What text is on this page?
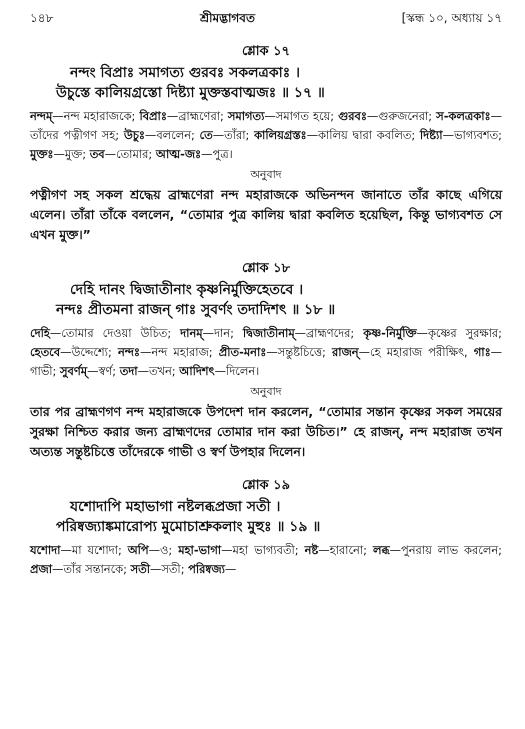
১৪৮	শ্রীমদ্ভাগবত	[স্কন্ধ ১০, অধ্যায় ১৭
শ্লোক ১৭
নন্দং বিপ্রাঃ সমাগত্য গুরবঃ সকলত্রকাঃ ।
উচুস্তে কালিয়গ্রস্তো দিষ্ট্যা মুক্তস্তবাত্মজঃ ॥ ১৭ ॥
নন্দম্—নন্দ মহারাজকে; বিপ্রাঃ—ব্রাহ্মণেরা; সমাগত্য—সমাগত হয়ে; গুরবঃ—গুরুজনেরা; স-কলত্রকাঃ—তাঁদের পত্নীগণ সহ; উচুঃ—বললেন; তে—তাঁরা; কালিয়গ্রস্তঃ—কালিয় দ্বারা কবলিত; দিষ্ট্যা—ভাগ্যবশত; মুক্তঃ—মুক্ত; তব—তোমার; আত্ম-জঃ—পুত্র।
অনুবাদ
পত্নীগণ সহ সকল শ্রদ্ধেয় ব্রাহ্মণেরা নন্দ মহারাজকে অভিনন্দন জানাতে তাঁর কাছে এগিয়ে এলেন। তাঁরা তাঁকে বললেন, “তোমার পুত্র কালিয় দ্বারা কবলিত হয়েছিল, কিন্তু ভাগ্যবশত সে এখন মুক্ত।”
শ্লোক ১৮
দেহি দানং দ্বিজাতীনাং কৃষ্ণনির্মুক্তিহেতবে ।
নন্দঃ প্রীতমনা রাজন্ গাঃ সুবর্ণং তদাদিশৎ ॥ ১৮ ॥
দেহি—তোমার দেওয়া উচিত; দানম্—দান; দ্বিজাতীনাম্—ব্রাহ্মণদের; কৃষ্ণ-নির্মুক্তি—কৃষ্ণের সুরক্ষার; হেতবে—উদ্দেশ্যে; নন্দঃ—নন্দ মহারাজ; প্রীত-মনাঃ—সন্তুষ্টচিত্তে; রাজন্—হে মহারাজ পরীক্ষিৎ, গাঃ—গাভী; সুবর্ণম্—স্বর্ণ; তদা—তখন; আদিশৎ—দিলেন।
অনুবাদ
তার পর ব্রাহ্মণগণ নন্দ মহারাজকে উপদেশ দান করলেন, “তোমার সন্তান কৃষ্ণের সকল সময়ের সুরক্ষা নিশ্চিত করার জন্য ব্রাহ্মণদের তোমার দান করা উচিত।” হে রাজন্, নন্দ মহারাজ তখন অত্যন্ত সন্তুষ্টচিত্তে তাঁদেরকে গাভী ও স্বর্ণ উপহার দিলেন।
শ্লোক ১৯
যশোদাপি মহাভাগা নষ্টলব্ধপ্রজা সতী ।
পরিষ্বজ্যাঙ্কমারোপ্য মুমোচাশ্রুকলাং মুহুঃ ॥ ১৯ ॥
যশোদা—মা যশোদা; অপি—ও; মহা-ভাগা—মহা ভাগ্যবতী; নষ্ট—হারানো; লব্ধ—পুনরায় লাভ করলেন; প্রজা—তাঁর সন্তানকে; সতী—সতী; পরিষ্বজ্য—
